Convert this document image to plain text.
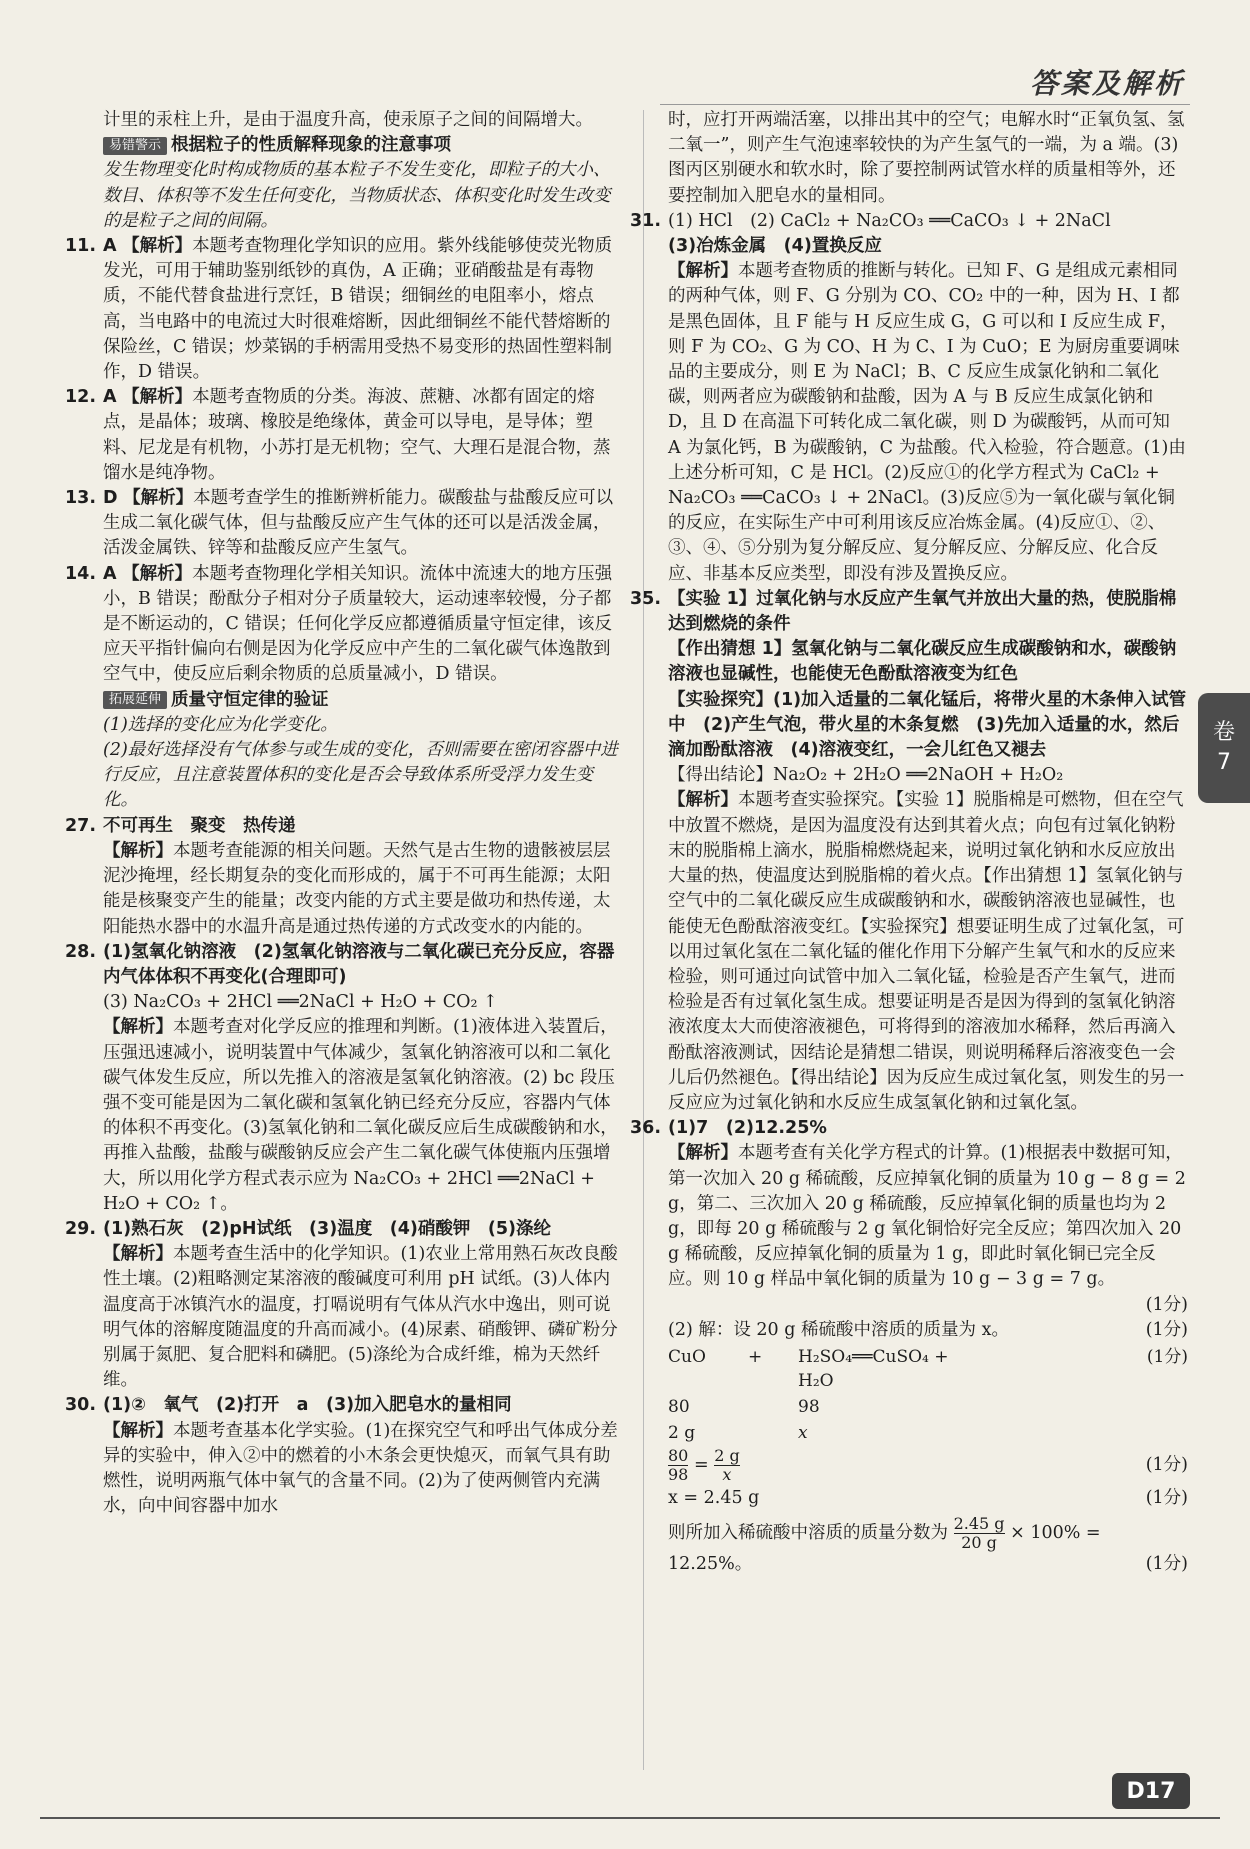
答案及解析

计里的汞柱上升，是由于温度升高，使汞原子之间的间隔增大。

易错警示 根据粒子的性质解释现象的注意事项

发生物理变化时构成物质的基本粒子不发生变化，即粒子的大小、数目、体积等不发生任何变化，当物质状态、体积变化时发生改变的是粒子之间的间隔。

11. A 【解析】本题考查物理化学知识的应用。紫外线能够使荧光物质发光，可用于辅助鉴别纸钞的真伪，A 正确；亚硝酸盐是有毒物质，不能代替食盐进行烹饪，B 错误；细铜丝的电阻率小，熔点高，当电路中的电流过大时很难熔断，因此细铜丝不能代替熔断的保险丝，C 错误；炒菜锅的手柄需用受热不易变形的热固性塑料制作，D 错误。

12. A 【解析】本题考查物质的分类。海波、蔗糖、冰都有固定的熔点，是晶体；玻璃、橡胶是绝缘体，黄金可以导电，是导体；塑料、尼龙是有机物，小苏打是无机物；空气、大理石是混合物，蒸馏水是纯净物。

13. D 【解析】本题考查学生的推断辨析能力。碳酸盐与盐酸反应可以生成二氧化碳气体，但与盐酸反应产生气体的还可以是活泼金属，活泼金属铁、锌等和盐酸反应产生氢气。

14. A 【解析】本题考查物理化学相关知识。流体中流速大的地方压强小，B 错误；酚酞分子相对分子质量较大，运动速率较慢，分子都是不断运动的，C 错误；任何化学反应都遵循质量守恒定律，该反应天平指针偏向右侧是因为化学反应中产生的二氧化碳气体逸散到空气中，使反应后剩余物质的总质量减小，D 错误。

拓展延伸 质量守恒定律的验证

(1)选择的变化应为化学变化。

(2)最好选择没有气体参与或生成的变化，否则需要在密闭容器中进行反应，且注意装置体积的变化是否会导致体系所受浮力发生变化。

27. 不可再生　聚变　热传递

【解析】本题考查能源的相关问题。天然气是古生物的遗骸被层层泥沙掩埋，经长期复杂的变化而形成的，属于不可再生能源；太阳能是核聚变产生的能量；改变内能的方式主要是做功和热传递，太阳能热水器中的水温升高是通过热传递的方式改变水的内能的。

28. (1)氢氧化钠溶液　(2)氢氧化钠溶液与二氧化碳已充分反应，容器内气体体积不再变化(合理即可)

(3) Na₂CO₃ + 2HCl ══2NaCl + H₂O + CO₂ ↑

【解析】本题考查对化学反应的推理和判断。(1)液体进入装置后，压强迅速减小，说明装置中气体减少，氢氧化钠溶液可以和二氧化碳气体发生反应，所以先推入的溶液是氢氧化钠溶液。(2) bc 段压强不变可能是因为二氧化碳和氢氧化钠已经充分反应，容器内气体的体积不再变化。(3)氢氧化钠和二氧化碳反应后生成碳酸钠和水，再推入盐酸，盐酸与碳酸钠反应会产生二氧化碳气体使瓶内压强增大，所以用化学方程式表示应为 Na₂CO₃ + 2HCl ══2NaCl + H₂O + CO₂ ↑。

29. (1)熟石灰　(2)pH试纸　(3)温度　(4)硝酸钾　(5)涤纶

【解析】本题考查生活中的化学知识。(1)农业上常用熟石灰改良酸性土壤。(2)粗略测定某溶液的酸碱度可利用 pH 试纸。(3)人体内温度高于冰镇汽水的温度，打嗝说明有气体从汽水中逸出，则可说明气体的溶解度随温度的升高而减小。(4)尿素、硝酸钾、磷矿粉分别属于氮肥、复合肥料和磷肥。(5)涤纶为合成纤维，棉为天然纤维。

30. (1)②　氧气　(2)打开　a　(3)加入肥皂水的量相同

【解析】本题考查基本化学实验。(1)在探究空气和呼出气体成分差异的实验中，伸入②中的燃着的小木条会更快熄灭，而氧气具有助燃性，说明两瓶气体中氧气的含量不同。(2)为了使两侧管内充满水，向中间容器中加水

时，应打开两端活塞，以排出其中的空气；电解水时“正氧负氢、氢二氧一”，则产生气泡速率较快的为产生氢气的一端，为 a 端。(3)图丙区别硬水和软水时，除了要控制两试管水样的质量相等外，还要控制加入肥皂水的量相同。

31. (1) HCl　(2) CaCl₂ + Na₂CO₃ ══CaCO₃ ↓ + 2NaCl

(3)冶炼金属　(4)置换反应

【解析】本题考查物质的推断与转化。已知 F、G 是组成元素相同的两种气体，则 F、G 分别为 CO、CO₂ 中的一种，因为 H、I 都是黑色固体，且 F 能与 H 反应生成 G，G 可以和 I 反应生成 F，则 F 为 CO₂、G 为 CO、H 为 C、I 为 CuO；E 为厨房重要调味品的主要成分，则 E 为 NaCl；B、C 反应生成氯化钠和二氧化碳，则两者应为碳酸钠和盐酸，因为 A 与 B 反应生成氯化钠和 D，且 D 在高温下可转化成二氧化碳，则 D 为碳酸钙，从而可知 A 为氯化钙，B 为碳酸钠，C 为盐酸。代入检验，符合题意。(1)由上述分析可知，C 是 HCl。(2)反应①的化学方程式为 CaCl₂ + Na₂CO₃ ══CaCO₃ ↓ + 2NaCl。(3)反应⑤为一氧化碳与氧化铜的反应，在实际生产中可利用该反应冶炼金属。(4)反应①、②、③、④、⑤分别为复分解反应、复分解反应、分解反应、化合反应、非基本反应类型，即没有涉及置换反应。

35. 【实验 1】过氧化钠与水反应产生氧气并放出大量的热，使脱脂棉达到燃烧的条件

【作出猜想 1】氢氧化钠与二氧化碳反应生成碳酸钠和水，碳酸钠溶液也显碱性，也能使无色酚酞溶液变为红色

【实验探究】(1)加入适量的二氧化锰后，将带火星的木条伸入试管中　(2)产生气泡，带火星的木条复燃　(3)先加入适量的水，然后滴加酚酞溶液　(4)溶液变红，一会儿红色又褪去

【得出结论】Na₂O₂ + 2H₂O ══2NaOH + H₂O₂

【解析】本题考查实验探究。【实验 1】脱脂棉是可燃物，但在空气中放置不燃烧，是因为温度没有达到其着火点；向包有过氧化钠粉末的脱脂棉上滴水，脱脂棉燃烧起来，说明过氧化钠和水反应放出大量的热，使温度达到脱脂棉的着火点。【作出猜想 1】氢氧化钠与空气中的二氧化碳反应生成碳酸钠和水，碳酸钠溶液也显碱性，也能使无色酚酞溶液变红。【实验探究】想要证明生成了过氧化氢，可以用过氧化氢在二氧化锰的催化作用下分解产生氧气和水的反应来检验，则可通过向试管中加入二氧化锰，检验是否产生氧气，进而检验是否有过氧化氢生成。想要证明是否是因为得到的氢氧化钠溶液浓度太大而使溶液褪色，可将得到的溶液加水稀释，然后再滴入酚酞溶液测试，因结论是猜想二错误，则说明稀释后溶液变色一会儿后仍然褪色。【得出结论】因为反应生成过氧化氢，则发生的另一反应应为过氧化钠和水反应生成氢氧化钠和过氧化氢。

36. (1)7　(2)12.25%

【解析】本题考查有关化学方程式的计算。(1)根据表中数据可知，第一次加入 20 g 稀硫酸，反应掉氧化铜的质量为 10 g − 8 g = 2 g，第二、三次加入 20 g 稀硫酸，反应掉氧化铜的质量也均为 2 g，即每 20 g 稀硫酸与 2 g 氧化铜恰好完全反应；第四次加入 20 g 稀硫酸，反应掉氧化铜的质量为 1 g，即此时氧化铜已完全反应。则 10 g 样品中氧化铜的质量为 10 g − 3 g = 7 g。

(1分)

(2) 解：设 20 g 稀硫酸中溶质的质量为 x。	(1分)
CuO	+	H₂SO₄══CuSO₄ + H₂O
(1分)
80	98
2 g	x
$\frac{80}{98} = \frac{2 g}{x}$	(1分)
x = 2.45 g	(1分)
则所加入稀硫酸中溶质的质量分数为 $\frac{2.45 g}{20 g} \times 100\%$ =
12.25%。	(1分)
卷
7
D17
